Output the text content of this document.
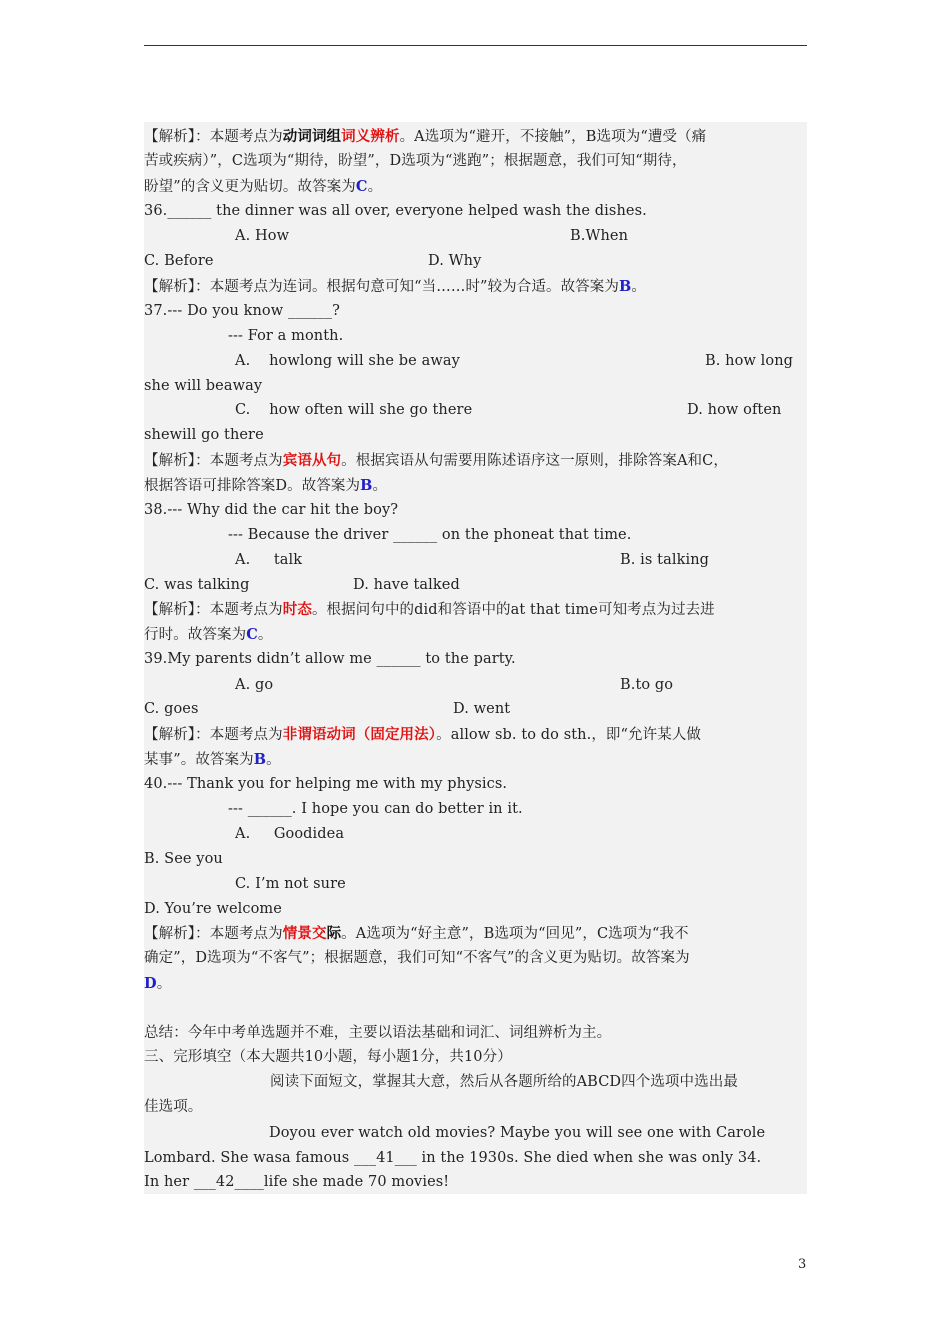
【解析】：本题考点为动词词组词义辨析。A选项为“避开，不接触”，B选项为“遭受（痛
苦或疾病）”，C选项为“期待，盼望”，D选项为“逃跑”；根据题意，我们可知“期待，
盼望”的含义更为贴切。故答案为C。
36.______ the dinner was all over, everyone helped wash the dishes.
A. How	B.When
C. Before	D. Why
【解析】：本题考点为连词。根据句意可知“当……时”较为合适。故答案为B。
37.--- Do you know ______?
--- For a month.
A.    howlong will she be away	B. how long
she will beaway
C.    how often will she go there	D. how often
shewill go there
【解析】：本题考点为宾语从句。根据宾语从句需要用陈述语序这一原则，排除答案A和C，
根据答语可排除答案D。故答案为B。
38.--- Why did the car hit the boy?
--- Because the driver ______ on the phoneat that time.
A.     talk	B. is talking
C. was talking	D. have talked
【解析】：本题考点为时态。根据问句中的did和答语中的at that time可知考点为过去进
行时。故答案为C。
39.My parents didn’t allow me ______ to the party.
A. go	B.to go
C. goes	D. went
【解析】：本题考点为非谓语动词（固定用法）。allow sb. to do sth.，即“允许某人做
某事”。故答案为B。
40.--- Thank you for helping me with my physics.
--- ______. I hope you can do better in it.
A.     Goodidea
B. See you
C. I’m not sure
D. You’re welcome
【解析】：本题考点为情景交际。A选项为“好主意”，B选项为“回见”，C选项为“我不
确定”，D选项为“不客气”；根据题意，我们可知“不客气”的含义更为贴切。故答案为
D。
总结：今年中考单选题并不难，主要以语法基础和词汇、词组辨析为主。
三、完形填空（本大题共10小题，每小题1分，共10分）
阅读下面短文，掌握其大意，然后从各题所给的ABCD四个选项中选出最
佳选项。
Doyou ever watch old movies? Maybe you will see one with Carole
Lombard. She wasa famous ___41___ in the 1930s. She died when she was only 34.
In her ___42____life she made 70 movies!
3
